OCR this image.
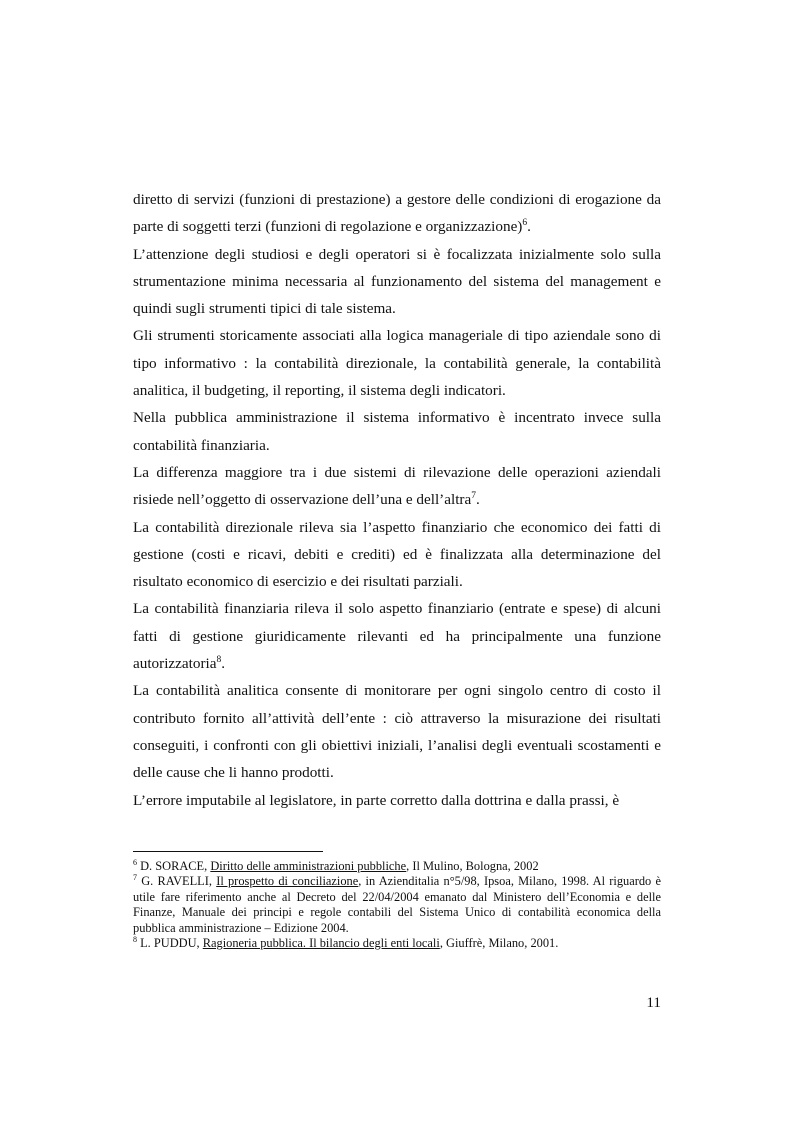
diretto di servizi (funzioni di prestazione) a gestore delle condizioni di erogazione da parte di soggetti terzi (funzioni di regolazione e organizzazione)$^6$.

L’attenzione degli studiosi e degli operatori si è focalizzata inizialmente solo sulla strumentazione minima necessaria al funzionamento del sistema del management e quindi sugli strumenti tipici di tale sistema.

Gli strumenti storicamente associati alla logica manageriale di tipo aziendale sono di tipo informativo : la contabilità direzionale, la contabilità generale, la contabilità analitica, il budgeting, il reporting, il sistema degli indicatori.

Nella pubblica amministrazione il sistema informativo è incentrato invece sulla contabilità finanziaria.

La differenza maggiore tra i due sistemi di rilevazione delle operazioni aziendali risiede nell’oggetto di osservazione dell’una e dell’altra$^7$.

La contabilità direzionale rileva sia l’aspetto finanziario che economico dei fatti di gestione (costi e ricavi, debiti e crediti) ed è finalizzata alla determinazione del risultato economico di esercizio e dei risultati parziali.

La contabilità finanziaria rileva il solo aspetto finanziario (entrate e spese) di alcuni fatti di gestione giuridicamente rilevanti ed ha principalmente una funzione autorizzatoria$^8$.

La contabilità analitica consente di monitorare per ogni singolo centro di costo il contributo fornito all’attività dell’ente : ciò attraverso la misurazione dei risultati conseguiti, i confronti con gli obiettivi iniziali, l’analisi degli eventuali scostamenti e delle cause che li hanno prodotti.

L’errore imputabile al legislatore, in parte corretto dalla dottrina e dalla prassi, è

$^6$ D. SORACE, Diritto delle amministrazioni pubbliche, Il Mulino, Bologna, 2002

$^7$ G. RAVELLI, Il prospetto di conciliazione, in Azienditalia n°5/98, Ipsoa, Milano, 1998. Al riguardo è utile fare riferimento anche al Decreto del 22/04/2004 emanato dal Ministero dell’Economia e delle Finanze, Manuale dei principi e regole contabili del Sistema Unico di contabilità economica della pubblica amministrazione – Edizione 2004.

$^8$ L. PUDDU, Ragioneria pubblica. Il bilancio degli enti locali, Giuffrè, Milano, 2001.

11
